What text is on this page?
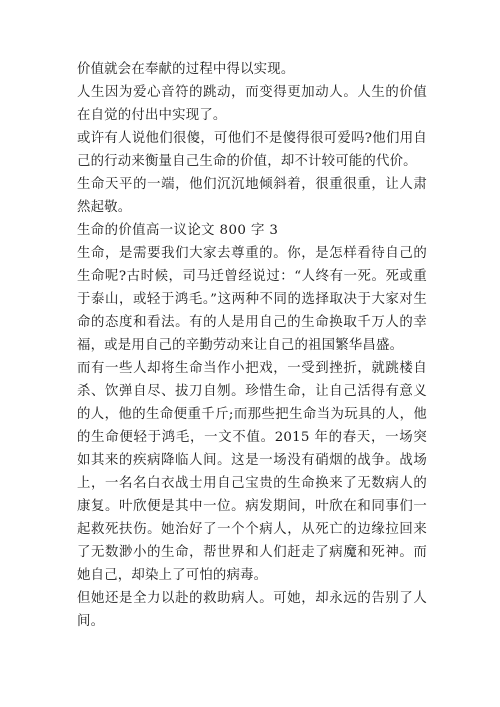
价值就会在奉献的过程中得以实现。

人生因为爱心音符的跳动，而变得更加动人。人生的价值在自觉的付出中实现了。

或许有人说他们很傻，可他们不是傻得很可爱吗?他们用自己的行动来衡量自己生命的价值，却不计较可能的代价。

生命天平的一端，他们沉沉地倾斜着，很重很重，让人肃然起敬。

生命的价值高一议论文 800 字 3

生命，是需要我们大家去尊重的。你，是怎样看待自己的生命呢?古时候，司马迁曾经说过：“人终有一死。死或重于泰山，或轻于鸿毛。”这两种不同的选择取决于大家对生命的态度和看法。有的人是用自己的生命换取千万人的幸福，或是用自己的辛勤劳动来让自己的祖国繁华昌盛。

而有一些人却将生命当作小把戏，一受到挫折，就跳楼自杀、饮弹自尽、拔刀自刎。珍惜生命，让自己活得有意义的人，他的生命便重千斤;而那些把生命当为玩具的人，他的生命便轻于鸿毛，一文不值。2015 年的春天，一场突如其来的疾病降临人间。这是一场没有硝烟的战争。战场上，一名名白衣战士用自己宝贵的生命换来了无数病人的康复。叶欣便是其中一位。病发期间，叶欣在和同事们一起救死扶伤。她治好了一个个病人，从死亡的边缘拉回来了无数渺小的生命，帮世界和人们赶走了病魔和死神。而她自己，却染上了可怕的病毒。

但她还是全力以赴的救助病人。可她，却永远的告别了人间。
